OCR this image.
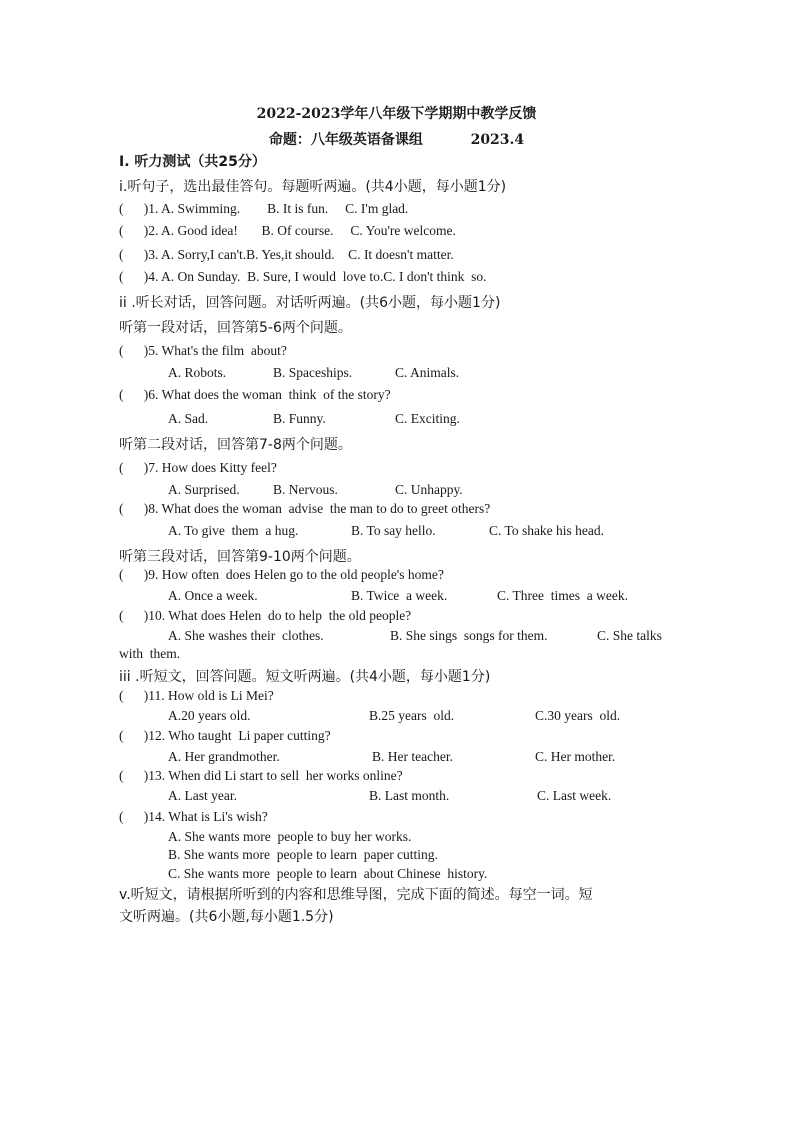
2022-2023学年八年级下学期期中教学反馈
命题：八年级英语备课组	2023.4
I. 听力测试（共25分）
i.听句子，选出最佳答句。每题听两遍。(共4小题，每小题1分)
(      )1. A. Swimming.        B. It is fun.     C. I'm glad.
(      )2. A. Good idea!       B. Of course.     C. You're welcome.
(      )3. A. Sorry,I can't.B. Yes,it should.    C. It doesn't matter.
(      )4. A. On Sunday.  B. Sure, I would  love to.C. I don't think  so.
ii .听长对话，回答问题。对话听两遍。(共6小题，每小题1分)
听第一段对话，回答第5-6两个问题。
(      )5. What's the film  about?
A. Robots.	B. Spaceships.	C. Animals.
(      )6. What does the woman  think  of the story?
A. Sad.	B. Funny.	C. Exciting.
听第二段对话，回答第7-8两个问题。
(      )7. How does Kitty feel?
A. Surprised. B. Nervous.	C. Unhappy.
(      )8. What does the woman  advise  the man to do to greet others?
A. To give  them  a hug.	B. To say hello.	C. To shake his head.
听第三段对话，回答第9-10两个问题。
(      )9. How often  does Helen go to the old people's home?
A. Once a week.	B. Twice  a week.	C. Three  times  a week.
(      )10. What does Helen  do to help  the old people?
A. She washes their  clothes.	B. She sings  songs for them.	C. She talks
with  them.
iii .听短文，回答问题。短文听两遍。(共4小题，每小题1分)
(      )11. How old is Li Mei?
A.20 years old.	B.25 years  old.	C.30 years  old.
(      )12. Who taught  Li paper cutting?
A. Her grandmother.	B. Her teacher.	C. Her mother.
(      )13. When did Li start to sell  her works online?
A. Last year.	B. Last month.	C. Last week.
(      )14. What is Li's wish?
A. She wants more  people to buy her works.
B. She wants more  people to learn  paper cutting.
C. She wants more  people to learn  about Chinese  history.
v.听短文，请根据所听到的内容和思维导图，完成下面的简述。每空一词。短
文听两遍。(共6小题,每小题1.5分)
